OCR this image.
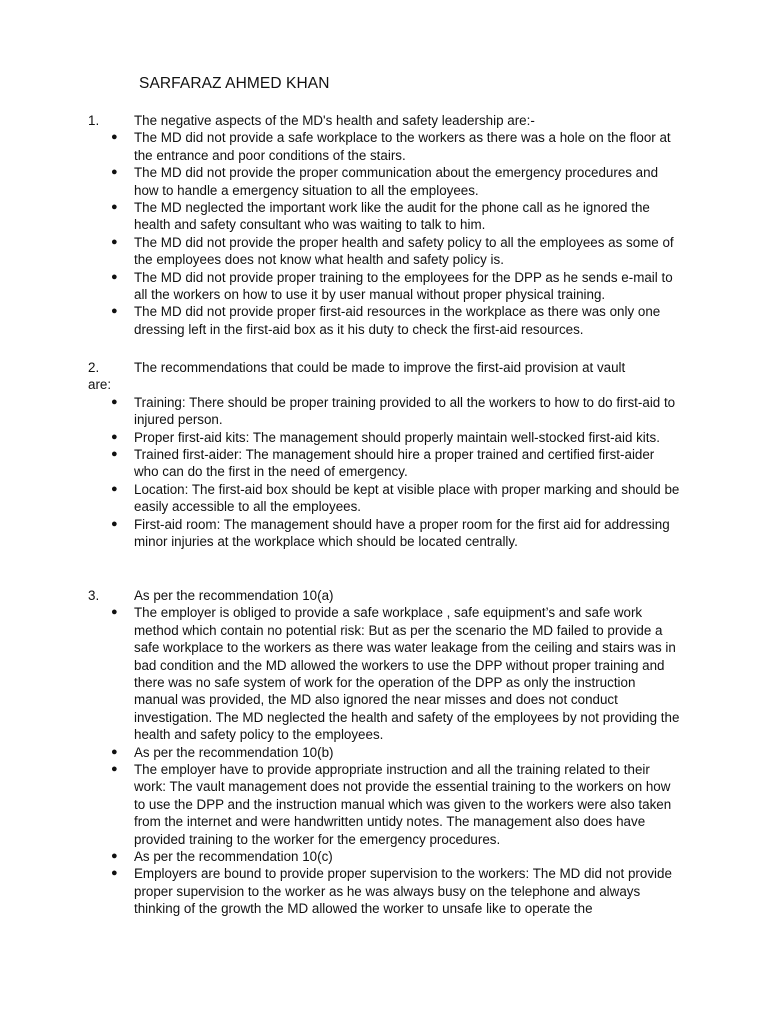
SARFARAZ AHMED KHAN
1.	The negative aspects of the MD's health and safety leadership are:-
● The MD did not provide a safe workplace to the workers as there was a hole on the floor at the entrance and poor conditions of the stairs.
● The MD did not provide the proper communication about the emergency procedures and how to handle a emergency situation to all the employees.
● The MD neglected the important work like the audit for the phone call as he ignored the health and safety consultant who was waiting to talk to him.
● The MD did not provide the proper health and safety policy to all the employees as some of the employees does not know what health and safety policy is.
● The MD did not provide proper training to the employees for the DPP as he sends e-mail to all the workers on how to use it by user manual without proper physical training.
● The MD did not provide proper first-aid resources in the workplace as there was only one dressing left in the first-aid box as it his duty to check the first-aid resources.
2.	The recommendations that could be made to improve the first-aid provision at vault
are:
● Training: There should be proper training provided to all the workers to how to do first-aid to injured person.
● Proper first-aid kits: The management should properly maintain well-stocked first-aid kits.
● Trained first-aider: The management should hire a proper trained and certified first-aider who can do the first in the need of emergency.
● Location: The first-aid box should be kept at visible place with proper marking and should be easily accessible to all the employees.
● First-aid room: The management should have a proper room for the first aid for addressing minor injuries at the workplace which should be located centrally.
3.	As per the recommendation 10(a)
● The employer is obliged to provide a safe workplace , safe equipment’s and safe work method which contain no potential risk: But as per the scenario the MD failed to provide a safe workplace to the workers as there was water leakage from the ceiling and stairs was in bad condition and the MD allowed the workers to use the DPP without proper training and there was no safe system of work for the operation of the DPP as only the instruction manual was provided, the MD also ignored the near misses and does not conduct investigation. The MD neglected the health and safety of the employees by not providing the health and safety policy to the employees.
● As per the recommendation 10(b)
● The employer have to provide appropriate instruction and all the training related to their work: The vault management does not provide the essential training to the workers on how to use the DPP and the instruction manual which was given to the workers were also taken from the internet and were handwritten untidy notes. The management also does have provided training to the worker for the emergency procedures.
● As per the recommendation 10(c)
● Employers are bound to provide proper supervision to the workers: The MD did not provide proper supervision to the worker as he was always busy on the telephone and always thinking of the growth the MD allowed the worker to unsafe like to operate the
